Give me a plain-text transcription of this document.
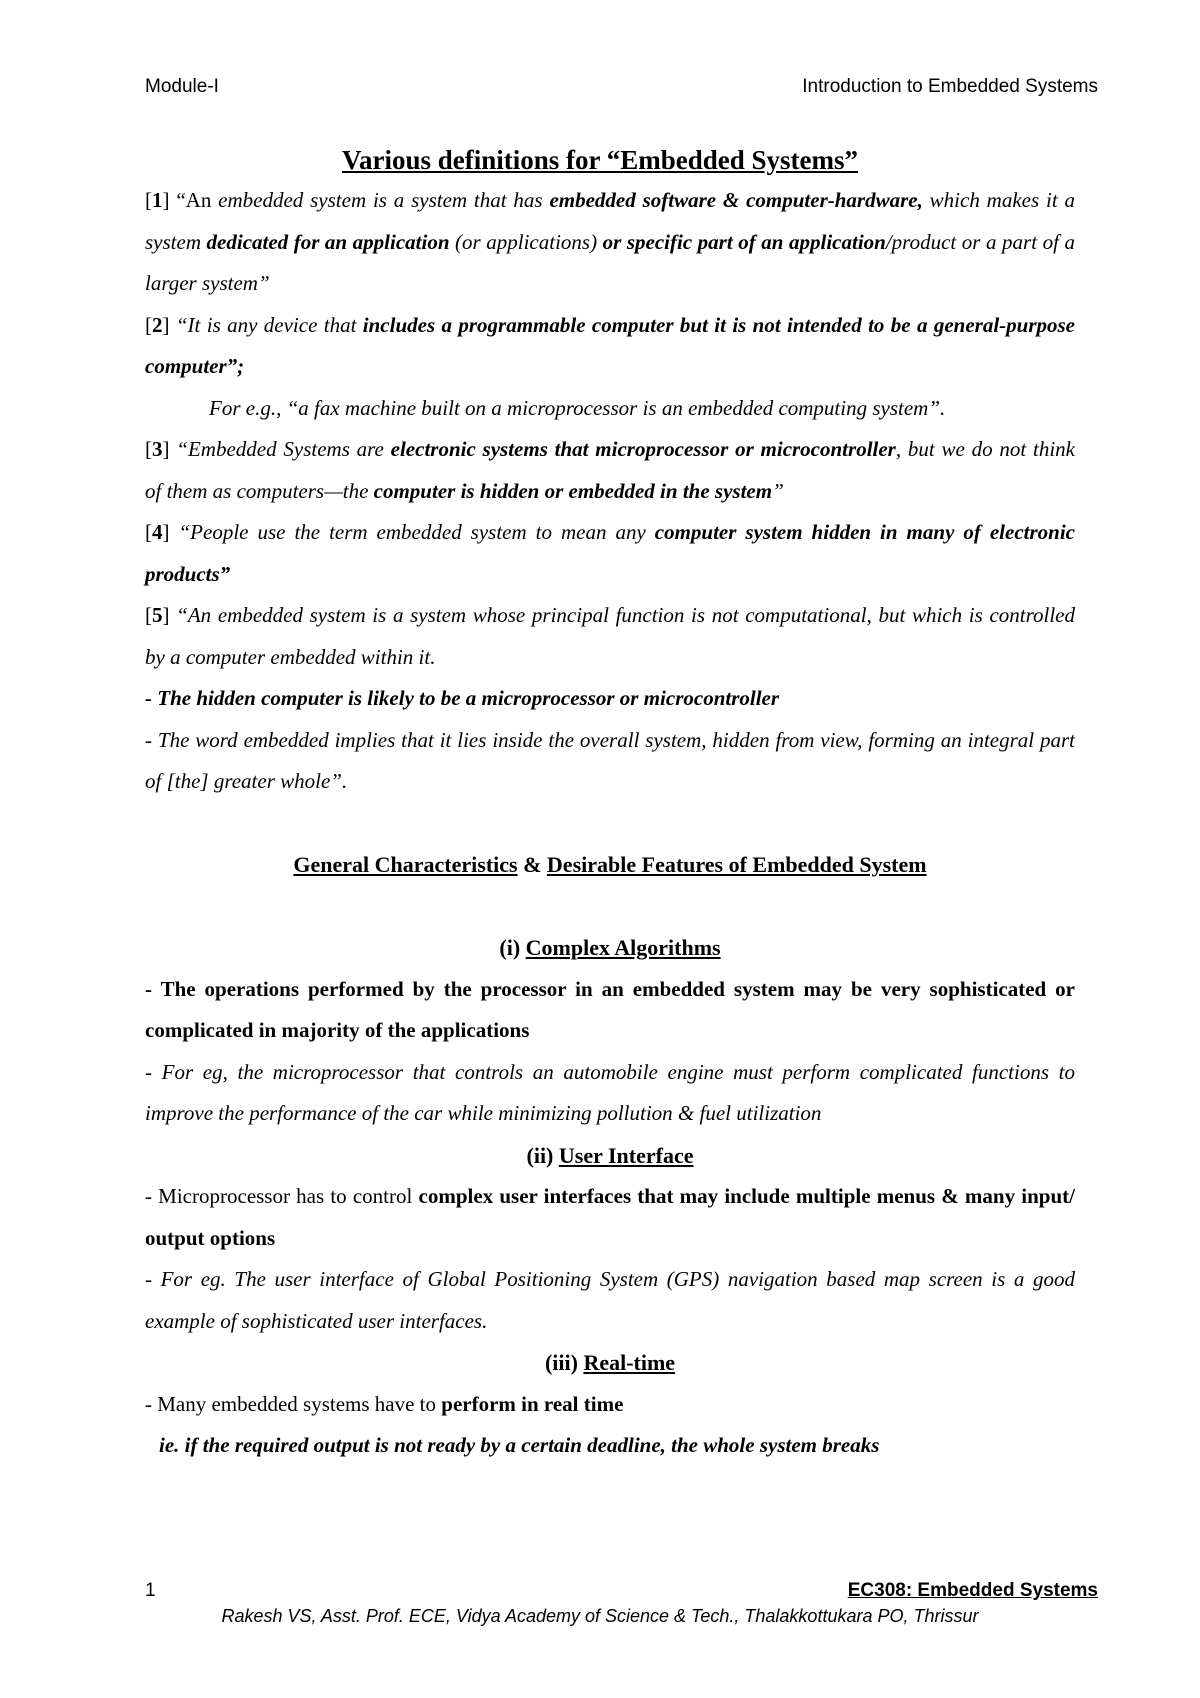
Module-I	Introduction to Embedded Systems
Various definitions for “Embedded Systems”

[1] “An embedded system is a system that has embedded software & computer-hardware, which makes it a system dedicated for an application (or applications) or specific part of an application/product or a part of a larger system”

[2] “It is any device that includes a programmable computer but it is not intended to be a general-purpose computer”;

For e.g., “a fax machine built on a microprocessor is an embedded computing system”.

[3] “Embedded Systems are electronic systems that microprocessor or microcontroller, but we do not think of them as computers—the computer is hidden or embedded in the system”

[4] “People use the term embedded system to mean any computer system hidden in many of electronic products”

[5] “An embedded system is a system whose principal function is not computational, but which is controlled by a computer embedded within it.

- The hidden computer is likely to be a microprocessor or microcontroller

- The word embedded implies that it lies inside the overall system, hidden from view, forming an integral part of [the] greater whole”.

General Characteristics & Desirable Features of Embedded System

(i) Complex Algorithms

- The operations performed by the processor in an embedded system may be very sophisticated or complicated in majority of the applications

- For eg, the microprocessor that controls an automobile engine must perform complicated functions to improve the performance of the car while minimizing pollution & fuel utilization

(ii) User Interface

- Microprocessor has to control complex user interfaces that may include multiple menus & many input/ output options

- For eg. The user interface of Global Positioning System (GPS) navigation based map screen is a good example of sophisticated user interfaces.

(iii) Real-time

- Many embedded systems have to perform in real time

ie. if the required output is not ready by a certain deadline, the whole system breaks

1	EC308: Embedded Systems
Rakesh VS, Asst. Prof. ECE, Vidya Academy of Science & Tech., Thalakkottukara PO, Thrissur
